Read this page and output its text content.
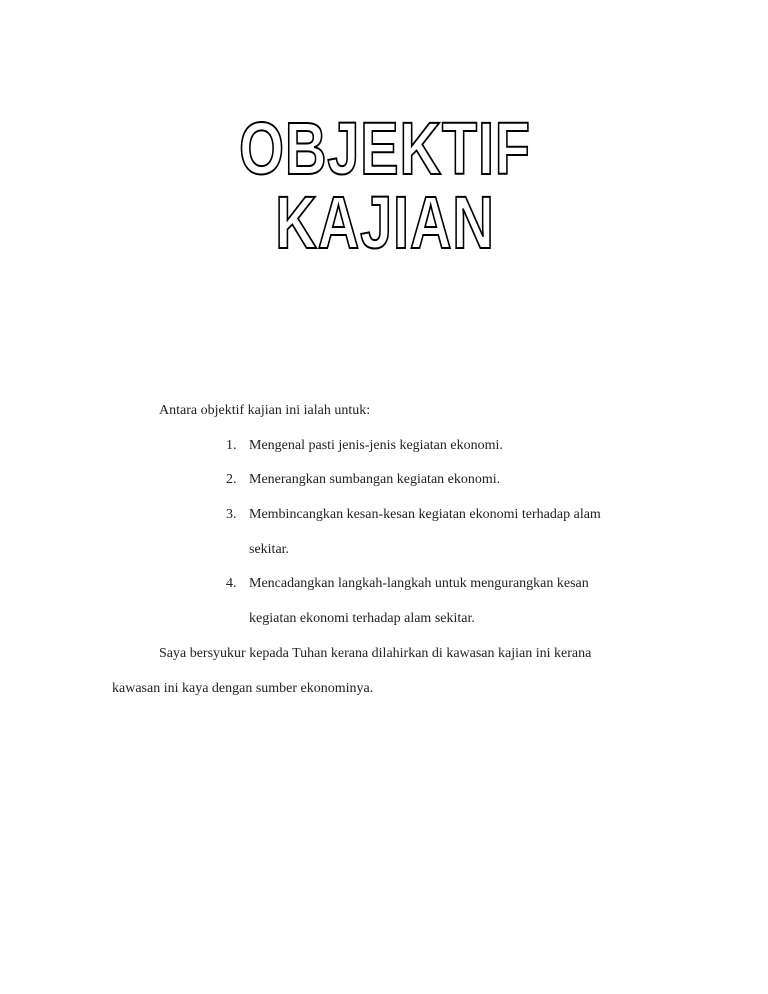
OBJEKTIF
KAJIAN

Antara objektif kajian ini ialah untuk:

1. Mengenal pasti jenis-jenis kegiatan ekonomi.
2. Menerangkan sumbangan kegiatan ekonomi.
3. Membincangkan kesan-kesan kegiatan ekonomi terhadap alam
sekitar.
4. Mencadangkan langkah-langkah untuk mengurangkan kesan
kegiatan ekonomi terhadap alam sekitar.

Saya bersyukur kepada Tuhan kerana dilahirkan di kawasan kajian ini kerana

kawasan ini kaya dengan sumber ekonominya.
